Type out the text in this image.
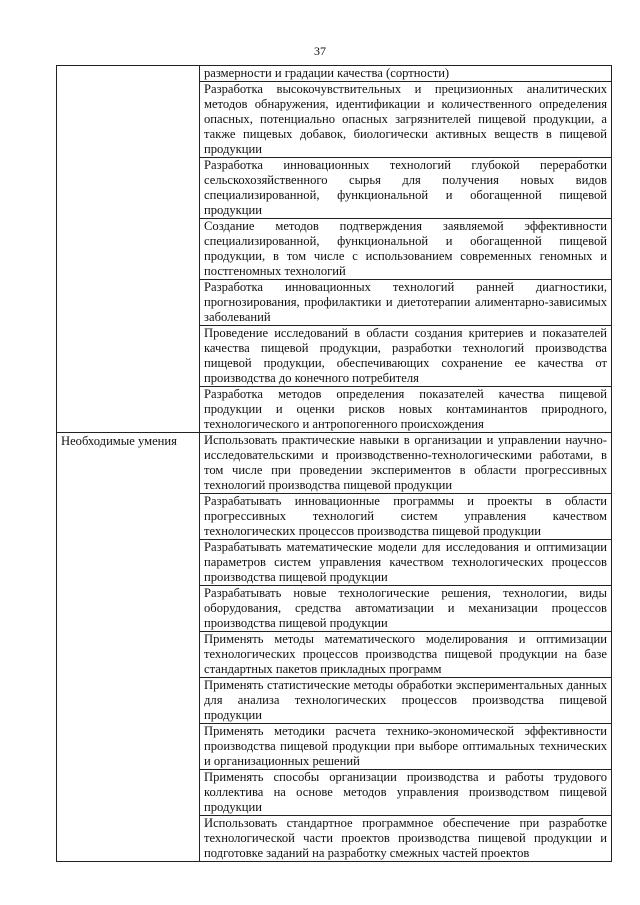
37
	размерности и градации качества (сортности)
	Разработка высокочувствительных и прецизионных аналитических методов обнаружения, идентификации и количественного определения опасных, потенциально опасных загрязнителей пищевой продукции, а также пищевых добавок, биологически активных веществ в пищевой продукции
	Разработка инновационных технологий глубокой переработки сельскохозяйственного сырья для получения новых видов специализированной, функциональной и обогащенной пищевой продукции
	Создание методов подтверждения заявляемой эффективности специализированной, функциональной и обогащенной пищевой продукции, в том числе с использованием современных геномных и постгеномных технологий
	Разработка инновационных технологий ранней диагностики, прогнозирования, профилактики и диетотерапии алиментарно-зависимых заболеваний
	Проведение исследований в области создания критериев и показателей качества пищевой продукции, разработки технологий производства пищевой продукции, обеспечивающих сохранение ее качества от производства до конечного потребителя
	Разработка методов определения показателей качества пищевой продукции и оценки рисков новых контаминантов природного, технологического и антропогенного происхождения

Необходимые умения	Использовать практические навыки в организации и управлении научно-исследовательскими и производственно-технологическими работами, в том числе при проведении экспериментов в области прогрессивных технологий производства пищевой продукции
	Разрабатывать инновационные программы и проекты в области прогрессивных технологий систем управления качеством технологических процессов производства пищевой продукции
	Разрабатывать математические модели для исследования и оптимизации параметров систем управления качеством технологических процессов производства пищевой продукции
	Разрабатывать новые технологические решения, технологии, виды оборудования, средства автоматизации и механизации процессов производства пищевой продукции
	Применять методы математического моделирования и оптимизации технологических процессов производства пищевой продукции на базе стандартных пакетов прикладных программ
	Применять статистические методы обработки экспериментальных данных для анализа технологических процессов производства пищевой продукции
	Применять методики расчета технико-экономической эффективности производства пищевой продукции при выборе оптимальных технических и организационных решений
	Применять способы организации производства и работы трудового коллектива на основе методов управления производством пищевой продукции
	Использовать стандартное программное обеспечение при разработке технологической части проектов производства пищевой продукции и подготовке заданий на разработку смежных частей проектов
